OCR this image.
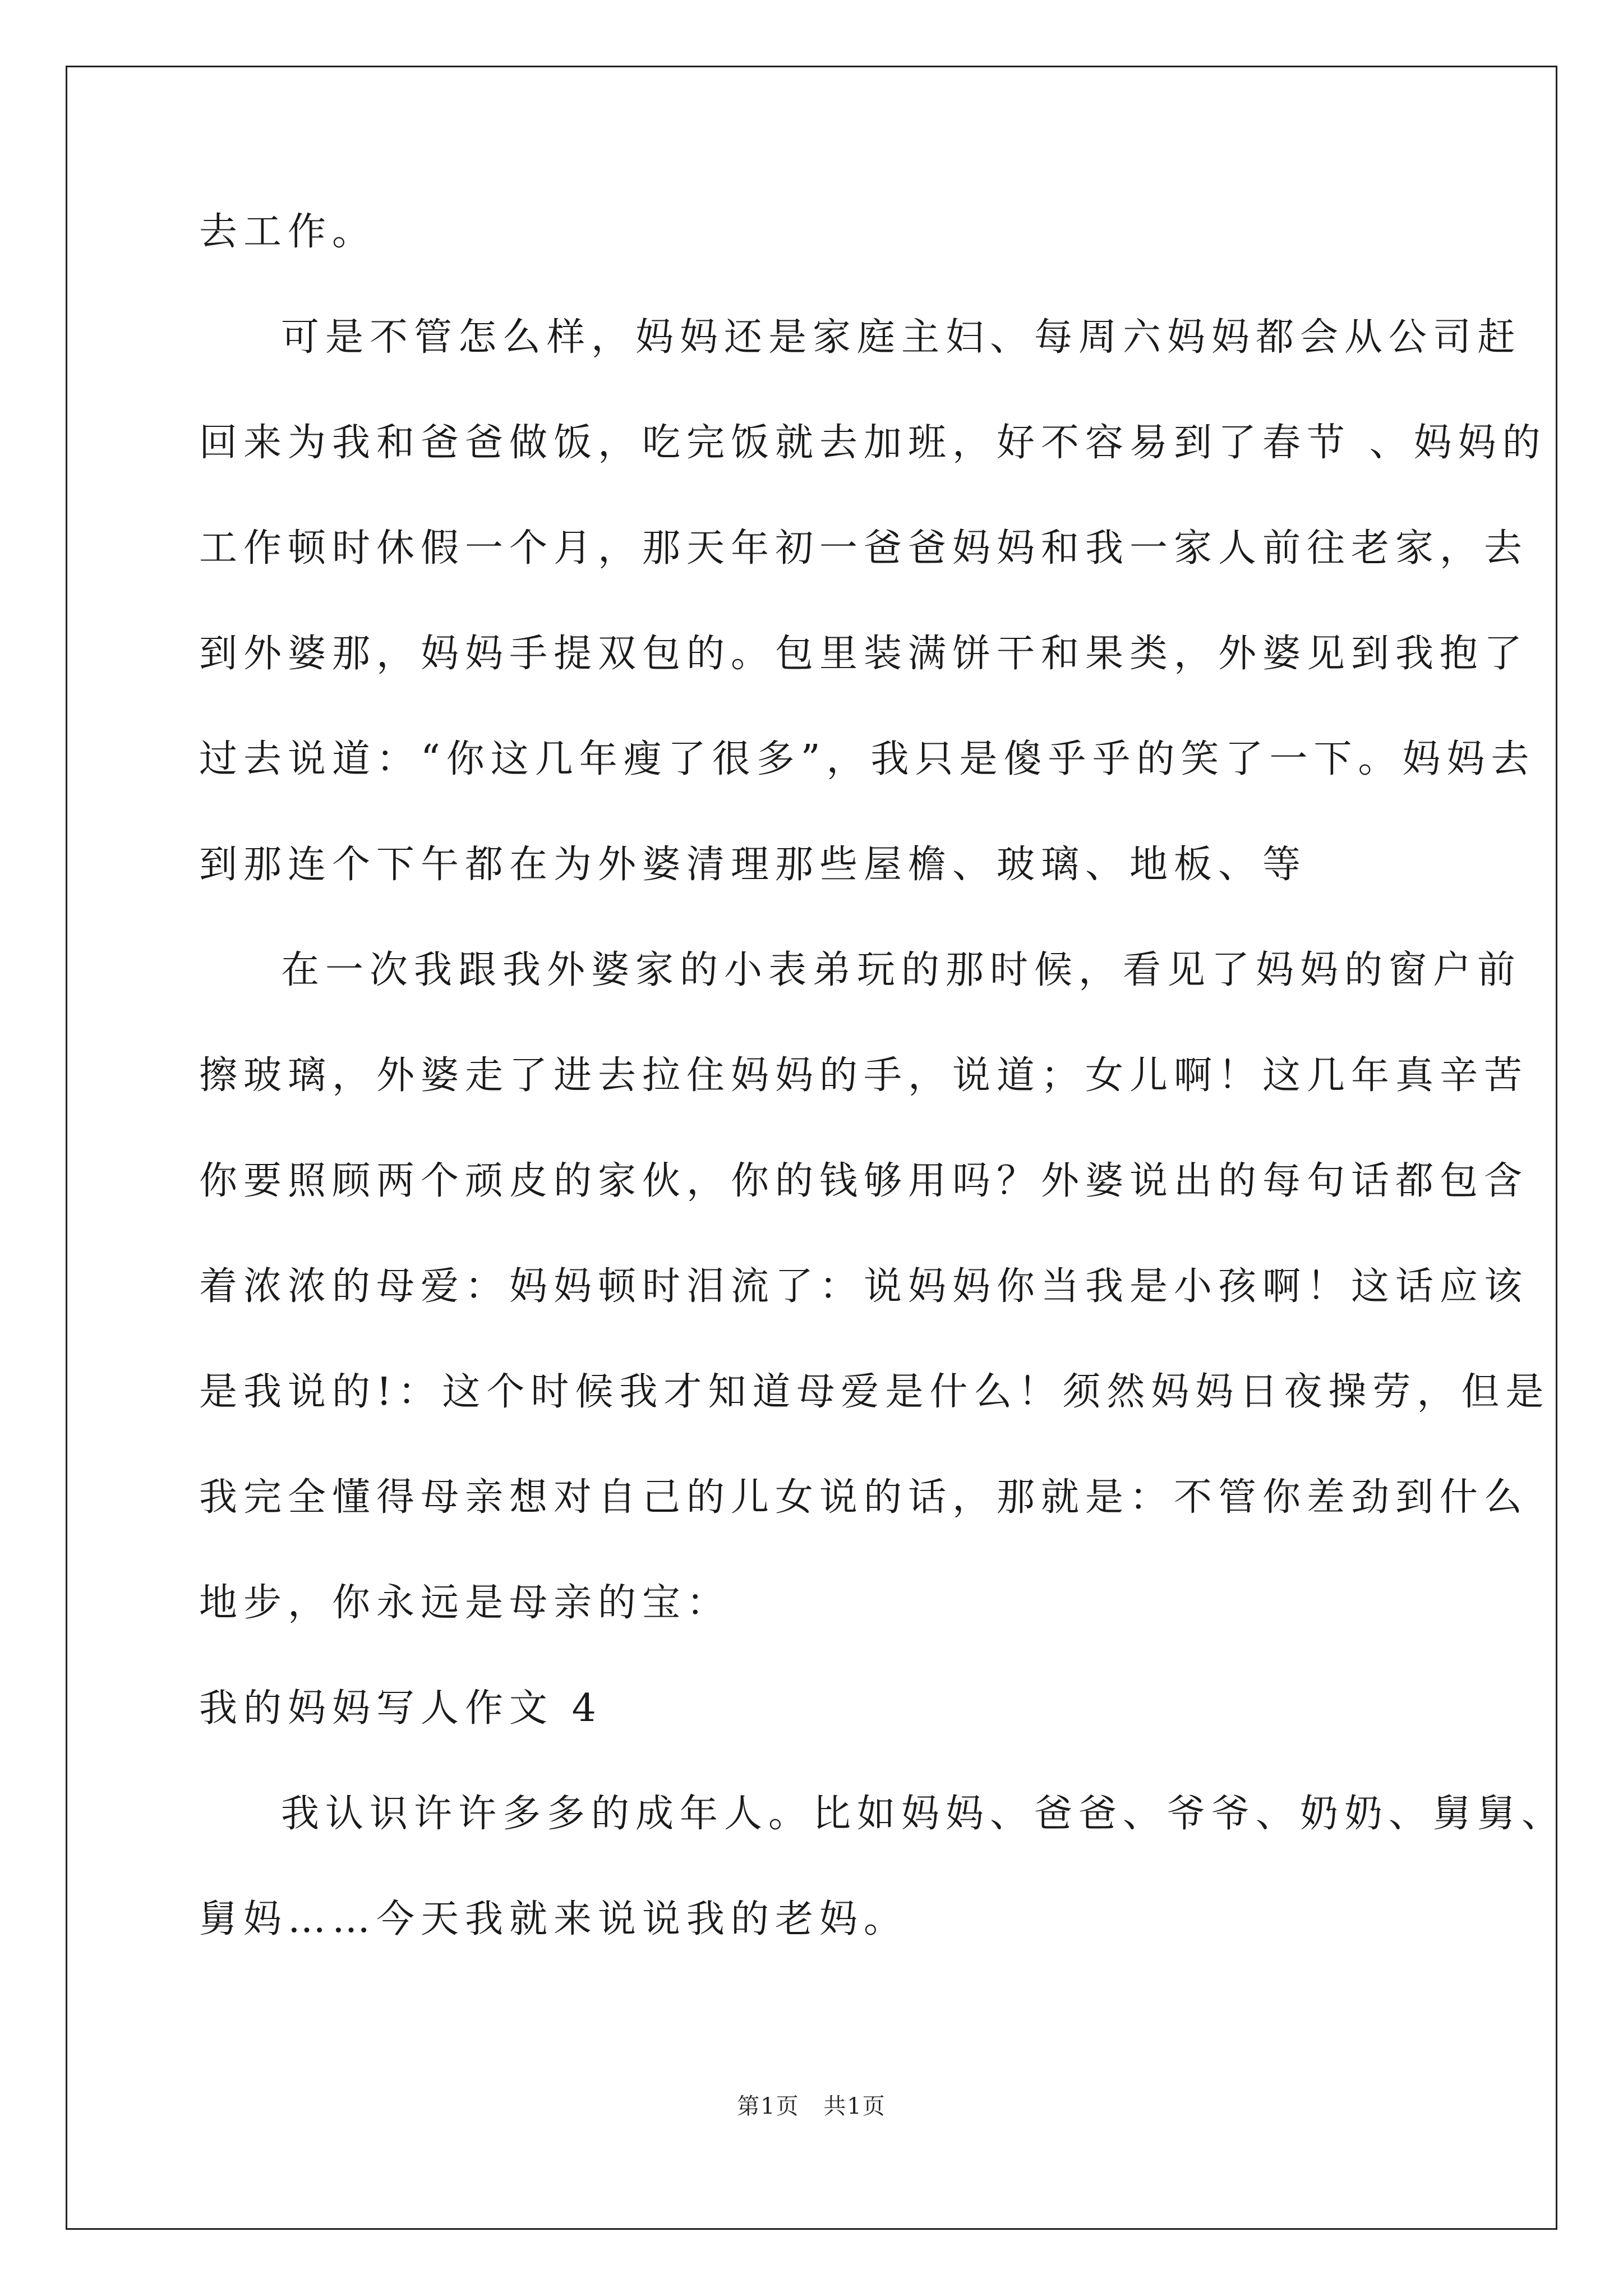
去工作。
可是不管怎么样，妈妈还是家庭主妇、每周六妈妈都会从公司赶
回来为我和爸爸做饭，吃完饭就去加班，好不容易到了春节 、妈妈的
工作顿时休假一个月，那天年初一爸爸妈妈和我一家人前往老家，去
到外婆那，妈妈手提双包的。包里装满饼干和果类，外婆见到我抱了
过去说道：“你这几年瘦了很多”，我只是傻乎乎的笑了一下。妈妈去
到那连个下午都在为外婆清理那些屋檐、玻璃、地板、等
在一次我跟我外婆家的小表弟玩的那时候，看见了妈妈的窗户前
擦玻璃，外婆走了进去拉住妈妈的手，说道；女儿啊！这几年真辛苦
你要照顾两个顽皮的家伙，你的钱够用吗？外婆说出的每句话都包含
着浓浓的母爱：妈妈顿时泪流了：说妈妈你当我是小孩啊！这话应该
是我说的!：这个时候我才知道母爱是什么！须然妈妈日夜操劳，但是
我完全懂得母亲想对自己的儿女说的话，那就是：不管你差劲到什么
地步，你永远是母亲的宝：
我的妈妈写人作文 4
我认识许许多多的成年人。比如妈妈、爸爸、爷爷、奶奶、舅舅、
舅妈……今天我就来说说我的老妈。
第1页 共1页
